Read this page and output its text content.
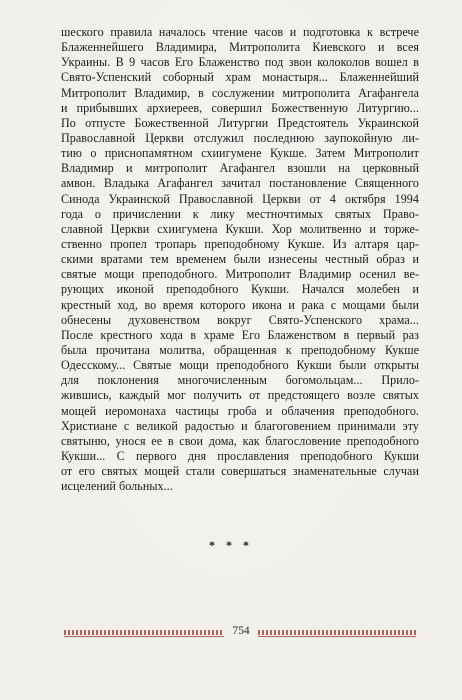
шеского правила началось чтение часов и подготовка к встрече
Блаженнейшего Владимира, Митрополита Киевского и всея
Украины. В 9 часов Его Блаженство под звон колоколов вошел в
Свято-Успенский соборный храм монастыря... Блаженнейший
Митрополит Владимир, в сослужении митрополита Агафангела
и прибывших архиереев, совершил Божественную Литургию...
По отпусте Божественной Литургии Предстоятель Украинской
Православной Церкви отслужил последнюю заупокойную ли-
тию о приснопамятном схиигумене Кукше. Затем Митрополит
Владимир и митрополит Агафангел взошли на церковный
амвон. Владыка Агафангел зачитал постановление Священного
Синода Украинской Православной Церкви от 4 октября 1994
года о причислении к лику местночтимых святых Право-
славной Церкви схиигумена Кукши. Хор молитвенно и торже-
ственно пропел тропарь преподобному Кукше. Из алтаря цар-
скими вратами тем временем были изнесены честный образ и
святые мощи преподобного. Митрополит Владимир осенил ве-
рующих иконой преподобного Кукши. Начался молебен и
крестный ход, во время которого икона и рака с мощами были
обнесены духовенством вокруг Свято-Успенского храма...
После крестного хода в храме Его Блаженством в первый раз
была прочитана молитва, обращенная к преподобному Кукше
Одесскому... Святые мощи преподобного Кукши были открыты
для поклонения многочисленным богомольцам... Прило-
жившись, каждый мог получить от предстоящего возле святых
мощей иеромонаха частицы гроба и облачения преподобного.
Христиане с великой радостью и благоговением принимали эту
святыню, унося ее в свои дома, как благословение преподобного
Кукши... С первого дня прославления преподобного Кукши
от его святых мощей стали совершаться знаменательные случаи
исцелений больных...
* * *
754
